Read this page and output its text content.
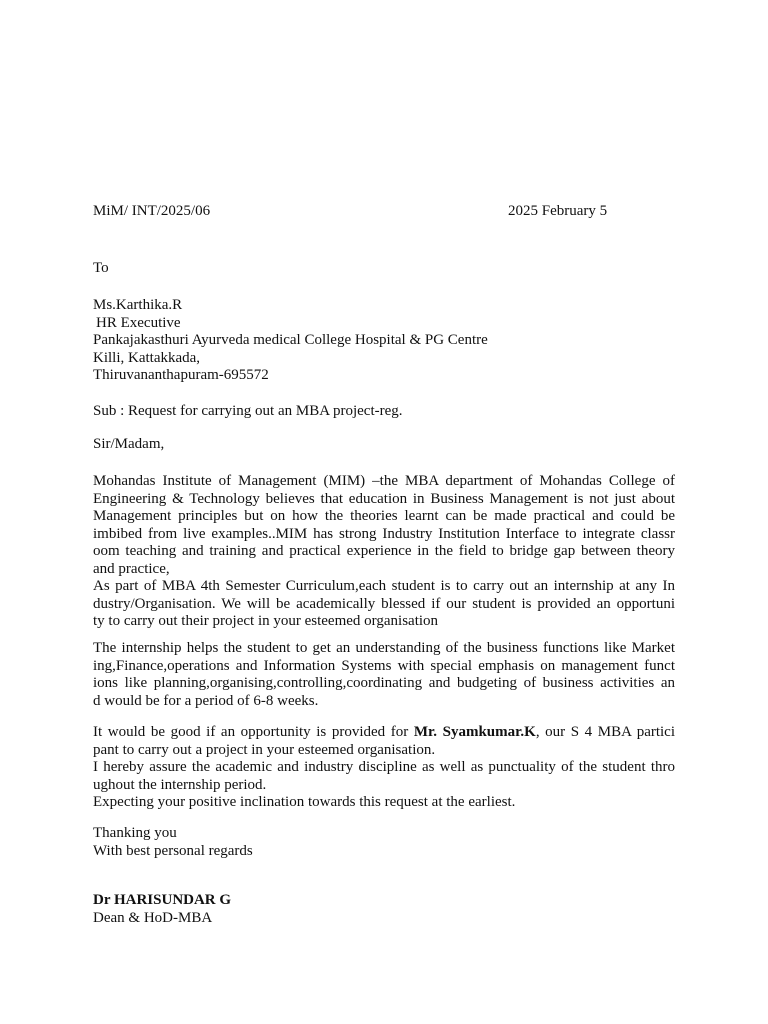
MiM/ INT/2025/06	2025 February 5
To
Ms.Karthika.R
HR Executive
Pankajakasthuri Ayurveda medical College Hospital & PG Centre
Killi, Kattakkada,
Thiruvananthapuram-695572
Sub : Request for carrying out an MBA project-reg.
Sir/Madam,
Mohandas Institute of Management (MIM) –the MBA department of Mohandas College of
Engineering & Technology believes that education in Business Management is not just about
Management principles but on how the theories learnt can be made practical and could be
imbibed from live examples..MIM has strong Industry Institution Interface to integrate classr
oom teaching and training and practical experience in the field to bridge gap between theory
and practice,
As part of MBA 4th Semester Curriculum,each student is to carry out an internship at any In
dustry/Organisation. We will be academically blessed if our student is provided an opportuni
ty to carry out their project in your esteemed organisation
The internship helps the student to get an understanding of the business functions like Market
ing,Finance,operations and Information Systems with special emphasis on management funct
ions like planning,organising,controlling,coordinating and budgeting of business activities an
d would be for a period of 6-8 weeks.
It would be good if an opportunity is provided for Mr. Syamkumar.K, our S 4 MBA partici
pant to carry out a project in your esteemed organisation.
I hereby assure the academic and industry discipline as well as punctuality of the student thro
ughout the internship period.
Expecting your positive inclination towards this request at the earliest.
Thanking you
With best personal regards
Dr HARISUNDAR G
Dean & HoD-MBA
